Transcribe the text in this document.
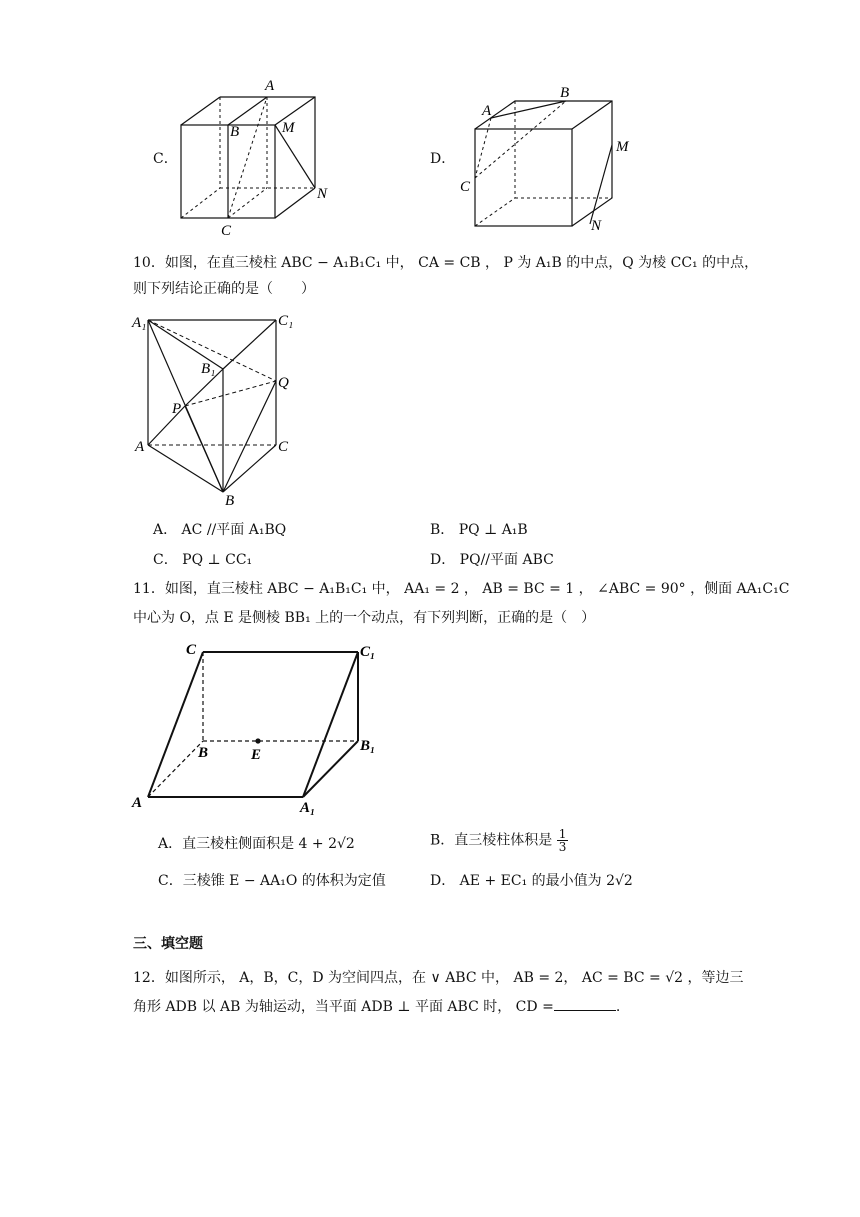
C．
A
B	M
N
C
D．
A
B
M
N
C
10．如图，在直三棱柱 ABC − A₁B₁C₁ 中， CA = CB ， P 为 A₁B 的中点，Q 为棱 CC₁ 的中点，
则下列结论正确的是（　　）
A₁	C₁
B₁
Q
P
A	C
B
A． AC //平面 A₁BQ	B． PQ ⊥ A₁B
C． PQ ⊥ CC₁	D． PQ//平面 ABC
11．如图，直三棱柱 ABC − A₁B₁C₁ 中， AA₁ = 2 ， AB = BC = 1 ， ∠ABC = 90° ，侧面 AA₁C₁C
中心为 O，点 E 是侧棱 BB₁ 上的一个动点，有下列判断，正确的是（　）
C	C₁
B	E
B₁
A	A₁
A．直三棱柱侧面积是 4 + 2√2	B．直三棱柱体积是 $\frac{1}{3}$
C．三棱锥 E − AA₁O 的体积为定值	D． AE + EC₁ 的最小值为 2√2
三、填空题
12．如图所示， A，B，C，D 为空间四点，在 ∨ ABC 中， AB = 2， AC = BC = √2 ，等边三
角形 ADB 以 AB 为轴运动，当平面 ADB ⊥ 平面 ABC 时， CD =	.
